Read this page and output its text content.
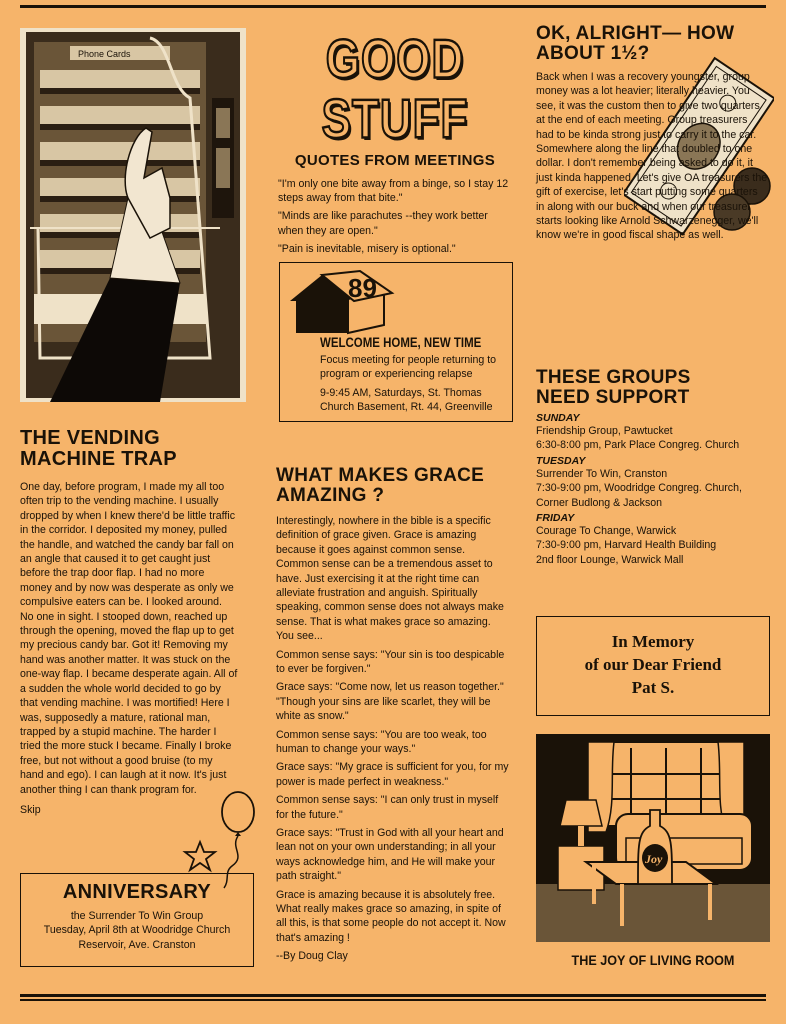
Phone Cards
THE VENDING
MACHINE TRAP

One day, before program, I made my all too often trip to the vending machine. I usually dropped by when I knew there'd be little traffic in the corridor. I deposited my money, pulled the handle, and watched the candy bar fall on an angle that caused it to get caught just before the trap door flap. I had no more money and by now was desperate as only we compulsive eaters can be. I looked around. No one in sight. I stooped down, reached up through the opening, moved the flap up to get my precious candy bar. Got it! Removing my hand was another matter. It was stuck on the one-way flap. I became desperate again. All of a sudden the whole world decided to go by that vending machine. I was mortified! Here I was, supposedly a mature, rational man, trapped by a stupid machine. The harder I tried the more stuck I became. Finally I broke free, but not without a good bruise (to my hand and ego). I can laugh at it now. It's just another thing I can thank program for.

Skip

ANNIVERSARY
the Surrender To Win Group
Tuesday, April 8th at Woodridge Church
Reservoir, Ave. Cranston
GOOD STUFF
QUOTES FROM MEETINGS

"I'm only one bite away from a binge, so I stay 12 steps away from that bite."

"Minds are like parachutes --they work better when they are open."

"Pain is inevitable, misery is optional."

89
WELCOME HOME, NEW TIME

Focus meeting for people returning to program or experiencing relapse

9-9:45 AM, Saturdays, St. Thomas Church Basement, Rt. 44, Greenville

WHAT MAKES GRACE
AMAZING ?

Interestingly, nowhere in the bible is a specific definition of grace given. Grace is amazing because it goes against common sense. Common sense can be a tremendous asset to have. Just exercising it at the right time can alleviate frustration and anguish. Spiritually speaking, common sense does not always make sense. That is what makes grace so amazing. You see...

Common sense says: "Your sin is too despicable to ever be forgiven."

Grace says: "Come now, let us reason together." "Though your sins are like scarlet, they will be white as snow."

Common sense says: "You are too weak, too human to change your ways."

Grace says: "My grace is sufficient for you, for my power is made perfect in weakness."

Common sense says: "I can only trust in myself for the future."

Grace says: "Trust in God with all your heart and lean not on your own understanding; in all your ways acknowledge him, and He will make your path straight."

Grace is amazing because it is absolutely free. What really makes grace so amazing, in spite of all this, is that some people do not accept it. Now that's amazing !

--By Doug Clay

OK, ALRIGHT— HOW
ABOUT 1½?

Back when I was a recovery youngster, group money was a lot heavier; literally heavier. You see, it was the custom then to give two quarters at the end of each meeting. Group treasurers had to be kinda strong just to carry it to the car. Somewhere along the line that doubled to one dollar. I don't remember being asked to do it, it just kinda happened. Let's give OA treasurers the gift of exercise, let's start putting some quarters in along with our buck and when our treasurer starts looking like Arnold Schwarzenegger, we'll know we're in good fiscal shape as well.

THESE GROUPS
NEED SUPPORT
SUNDAY
Friendship Group, Pawtucket
6:30-8:00 pm, Park Place Congreg. Church
TUESDAY
Surrender To Win, Cranston
7:30-9:00 pm, Woodridge Congreg. Church,
Corner Budlong & Jackson
FRIDAY
Courage To Change, Warwick
7:30-9:00 pm, Harvard Health Building
2nd floor Lounge, Warwick Mall
In Memory
of our Dear Friend
Pat S.
Joy
THE JOY OF LIVING ROOM
